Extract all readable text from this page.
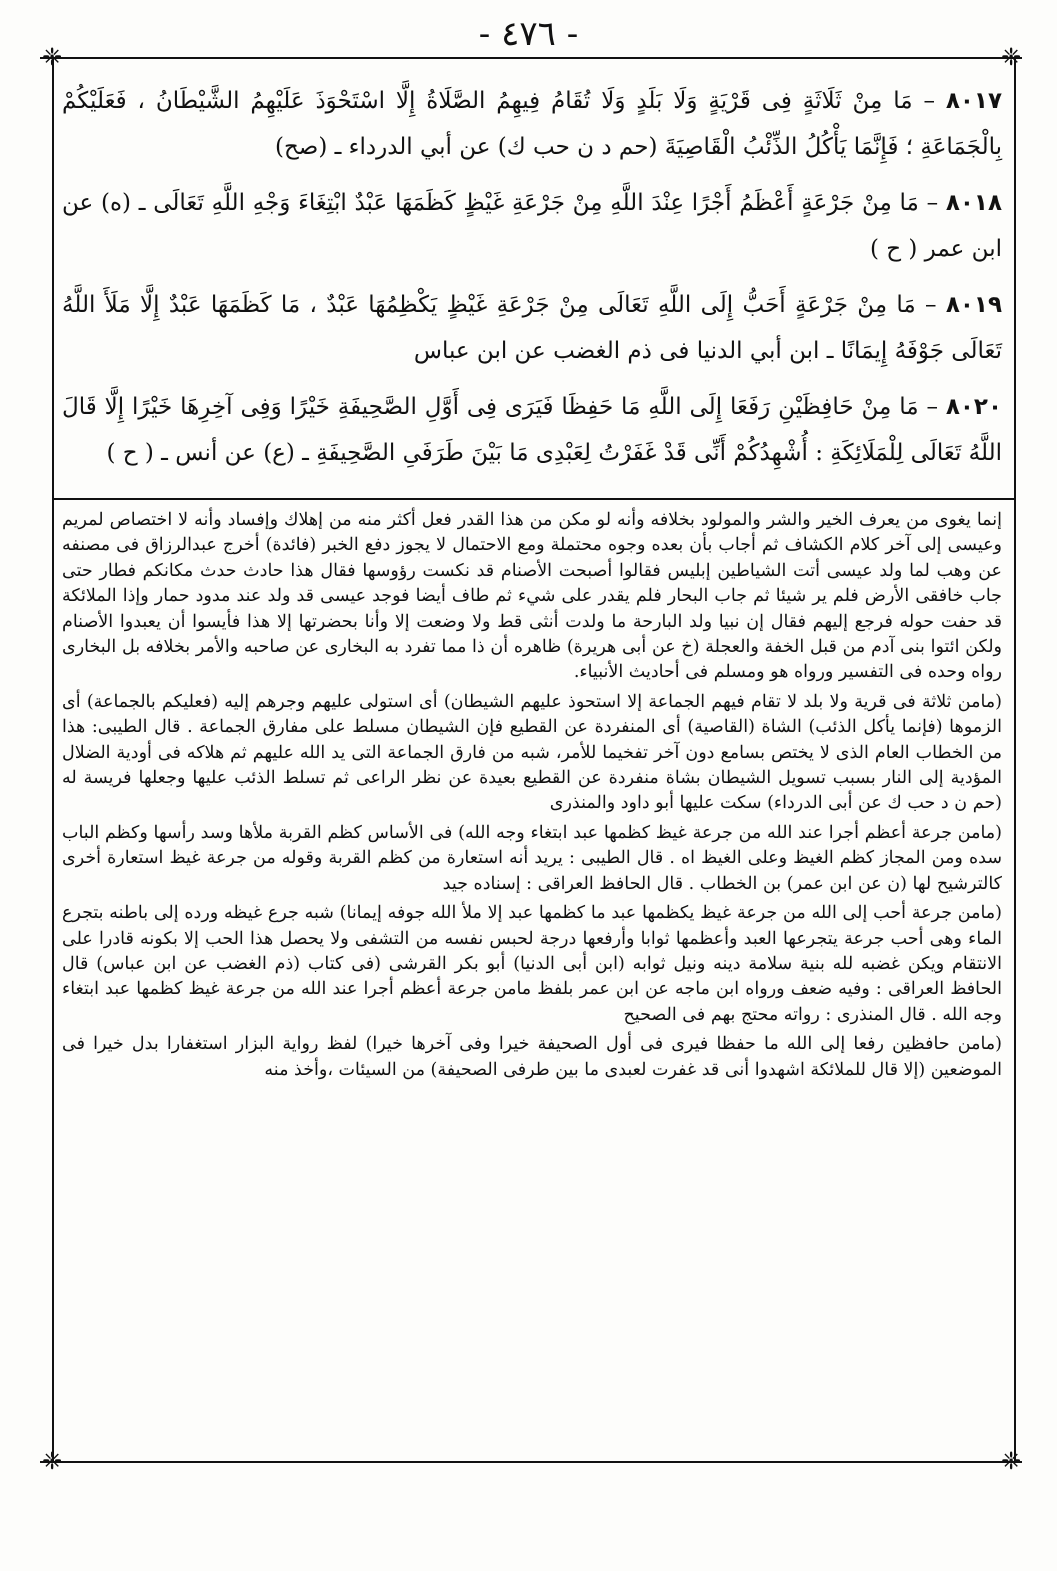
- ٤٧٦ -
❈	❈
❈	❈

٨٠١٧ – مَا مِنْ ثَلَاثَةٍ فِى قَرْيَةٍ وَلَا بَلَدٍ وَلَا تُقَامُ فِيهِمُ الصَّلَاةُ إِلَّا اسْتَحْوَذَ عَلَيْهِمُ الشَّيْطَانُ ، فَعَلَيْكُمْ بِالْجَمَاعَةِ ؛ فَإِنَّمَا يَأْكُلُ الذِّئْبُ الْقَاصِيَةَ (حم د ن حب ك) عن أبي الدرداء ـ (صح)

٨٠١٨ – مَا مِنْ جَرْعَةٍ أَعْظَمُ أَجْرًا عِنْدَ اللَّهِ مِنْ جَرْعَةِ غَيْظٍ كَظَمَهَا عَبْدٌ ابْتِغَاءَ وَجْهِ اللَّهِ تَعَالَى ـ (ه) عن ابن عمر ( ح )

٨٠١٩ – مَا مِنْ جَرْعَةٍ أَحَبُّ إِلَى اللَّهِ تَعَالَى مِنْ جَرْعَةِ غَيْظٍ يَكْظِمُهَا عَبْدٌ ، مَا كَظَمَهَا عَبْدٌ إِلَّا مَلَأَ اللَّهُ تَعَالَى جَوْفَهُ إِيمَانًا ـ ابن أبي الدنيا فى ذم الغضب عن ابن عباس

٨٠٢٠ – مَا مِنْ حَافِظَيْنِ رَفَعَا إِلَى اللَّهِ مَا حَفِظَا فَيَرَى فِى أَوَّلِ الصَّحِيفَةِ خَيْرًا وَفِى آخِرِهَا خَيْرًا إِلَّا قَالَ اللَّهُ تَعَالَى لِلْمَلَائِكَةِ : أُشْهِدُكُمْ أَنِّى قَدْ غَفَرْتُ لِعَبْدِى مَا بَيْنَ طَرَفَىِ الصَّحِيفَةِ ـ (ع) عن أنس ـ ( ح )

إنما يغوى من يعرف الخير والشر والمولود بخلافه وأنه لو مكن من هذا القدر فعل أكثر منه من إهلاك وإفساد وأنه لا اختصاص لمريم وعيسى إلى آخر كلام الكشاف ثم أجاب بأن بعده وجوه محتملة ومع الاحتمال لا يجوز دفع الخبر (فائدة) أخرج عبدالرزاق فى مصنفه عن وهب لما ولد عيسى أتت الشياطين إبليس فقالوا أصبحت الأصنام قد نكست رؤوسها فقال هذا حادث حدث مكانكم فطار حتى جاب خافقى الأرض فلم ير شيئا ثم جاب البحار فلم يقدر على شيء ثم طاف أيضا فوجد عيسى قد ولد عند مدود حمار وإذا الملائكة قد حفت حوله فرجع إليهم فقال إن نبيا ولد البارحة ما ولدت أنثى قط ولا وضعت إلا وأنا بحضرتها إلا هذا فأيسوا أن يعبدوا الأصنام ولكن ائتوا بنى آدم من قبل الخفة والعجلة (خ عن أبى هريرة) ظاهره أن ذا مما تفرد به البخارى عن صاحبه والأمر بخلافه بل البخارى رواه وحده فى التفسير ورواه هو ومسلم فى أحاديث الأنبياء.

(مامن ثلاثة فى قرية ولا بلد لا تقام فيهم الجماعة إلا استحوذ عليهم الشيطان) أى استولى عليهم وجرهم إليه (فعليكم بالجماعة) أى الزموها (فإنما يأكل الذئب) الشاة (القاصية) أى المنفردة عن القطيع فإن الشيطان مسلط على مفارق الجماعة . قال الطيبى: هذا من الخطاب العام الذى لا يختص بسامع دون آخر تفخيما للأمر، شبه من فارق الجماعة التى يد الله عليهم ثم هلاكه فى أودية الضلال المؤدية إلى النار بسبب تسويل الشيطان بشاة منفردة عن القطيع بعيدة عن نظر الراعى ثم تسلط الذئب عليها وجعلها فريسة له (حم ن د حب ك عن أبى الدرداء) سكت عليها أبو داود والمنذرى

(مامن جرعة أعظم أجرا عند الله من جرعة غيظ كظمها عبد ابتغاء وجه الله) فى الأساس كظم القربة ملأها وسد رأسها وكظم الباب سده ومن المجاز كظم الغيظ وعلى الغيظ اه . قال الطيبى : يريد أنه استعارة من كظم القربة وقوله من جرعة غيظ استعارة أخرى كالترشيح لها (ن عن ابن عمر) بن الخطاب . قال الحافظ العراقى : إسناده جيد

(مامن جرعة أحب إلى الله من جرعة غيظ يكظمها عبد ما كظمها عبد إلا ملأ الله جوفه إيمانا) شبه جرع غيظه ورده إلى باطنه بتجرع الماء وهى أحب جرعة يتجرعها العبد وأعظمها ثوابا وأرفعها درجة لحبس نفسه من التشفى ولا يحصل هذا الحب إلا بكونه قادرا على الانتقام ويكن غضبه لله بنية سلامة دينه ونيل ثوابه (ابن أبى الدنيا) أبو بكر القرشى (فى كتاب (ذم الغضب عن ابن عباس) قال الحافظ العراقى : وفيه ضعف ورواه ابن ماجه عن ابن عمر بلفظ مامن جرعة أعظم أجرا عند الله من جرعة غيظ كظمها عبد ابتغاء وجه الله . قال المنذرى : رواته محتج بهم فى الصحيح

(مامن حافظين رفعا إلى الله ما حفظا فيرى فى أول الصحيفة خيرا وفى آخرها خيرا) لفظ رواية البزار استغفارا بدل خيرا فى الموضعين (إلا قال للملائكة اشهدوا أنى قد غفرت لعبدى ما بين طرفى الصحيفة) من السيئات ،وأخذ منه
